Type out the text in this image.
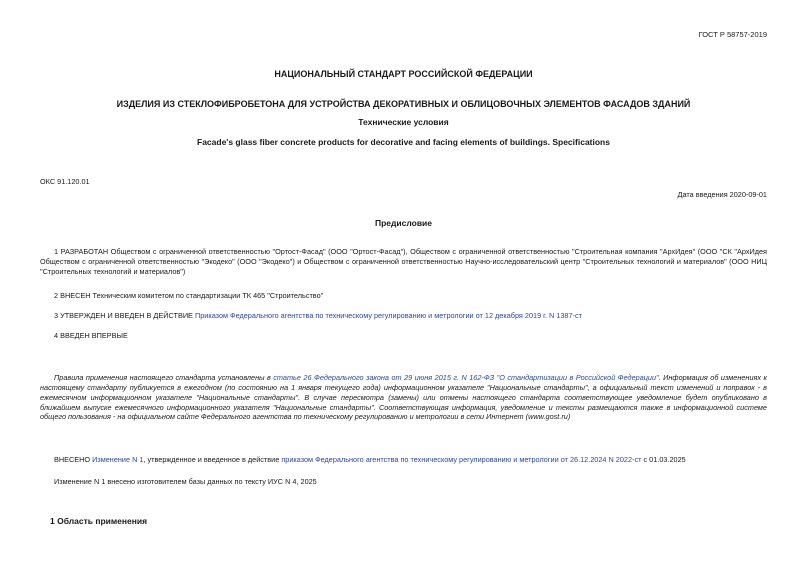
ГОСТ Р 58757-2019
НАЦИОНАЛЬНЫЙ СТАНДАРТ РОССИЙСКОЙ ФЕДЕРАЦИИ
ИЗДЕЛИЯ ИЗ СТЕКЛОФИБРОБЕТОНА ДЛЯ УСТРОЙСТВА ДЕКОРАТИВНЫХ И ОБЛИЦОВОЧНЫХ ЭЛЕМЕНТОВ ФАСАДОВ ЗДАНИЙ
Технические условия
Facade's glass fiber concrete products for decorative and facing elements of buildings. Specifications
ОКС 91.120.01
Дата введения 2020-09-01
Предисловие
1 РАЗРАБОТАН Обществом с ограниченной ответственностью "Ортост-Фасад" (ООО "Ортост-Фасад"), Обществом с ограниченной ответственностью "Строительная компания "АрхИдея" (ООО "СК "АрхИдея Обществом с ограниченной ответственностью "Экодеко" (ООО "Экодеко") и Обществом с ограниченной ответственностью Научно-исследовательский центр "Строительных технологий и материалов" (ООО НИЦ "Строительных технологий и материалов")
2 ВНЕСЕН Техническим комитетом по стандартизации ТК 465 "Строительство"
3 УТВЕРЖДЕН И ВВЕДЕН В ДЕЙСТВИЕ Приказом Федерального агентства по техническому регулированию и метрологии от 12 декабря 2019 г. N 1387-ст
4 ВВЕДЕН ВПЕРВЫЕ
Правила применения настоящего стандарта установлены в статье 26 Федерального закона от 29 июня 2015 г. N 162-ФЗ "О стандартизации в Российской Федерации". Информация об изменениях к настоящему стандарту публикуется в ежегодном (по состоянию на 1 января текущего года) информационном указателе "Национальные стандарты", а официальный текст изменений и поправок - в ежемесячном информационном указателе "Национальные стандарты". В случае пересмотра (замены) или отмены настоящего стандарта соответствующее уведомление будет опубликовано в ближайшем выпуске ежемесячного информационного указателя "Национальные стандарты". Соответствующая информация, уведомление и тексты размещаются также в информационной системе общего пользования - на официальном сайте Федерального агентства по техническому регулированию и метрологии в сети Интернет (www.gost.ru)
ВНЕСЕНО Изменение N 1, утвержденное и введенное в действие приказом Федерального агентства по техническому регулированию и метрологии от 26.12.2024 N 2022-ст с 01.03.2025
Изменение N 1 внесено изготовителем базы данных по тексту ИУС N 4, 2025
1 Область применения
